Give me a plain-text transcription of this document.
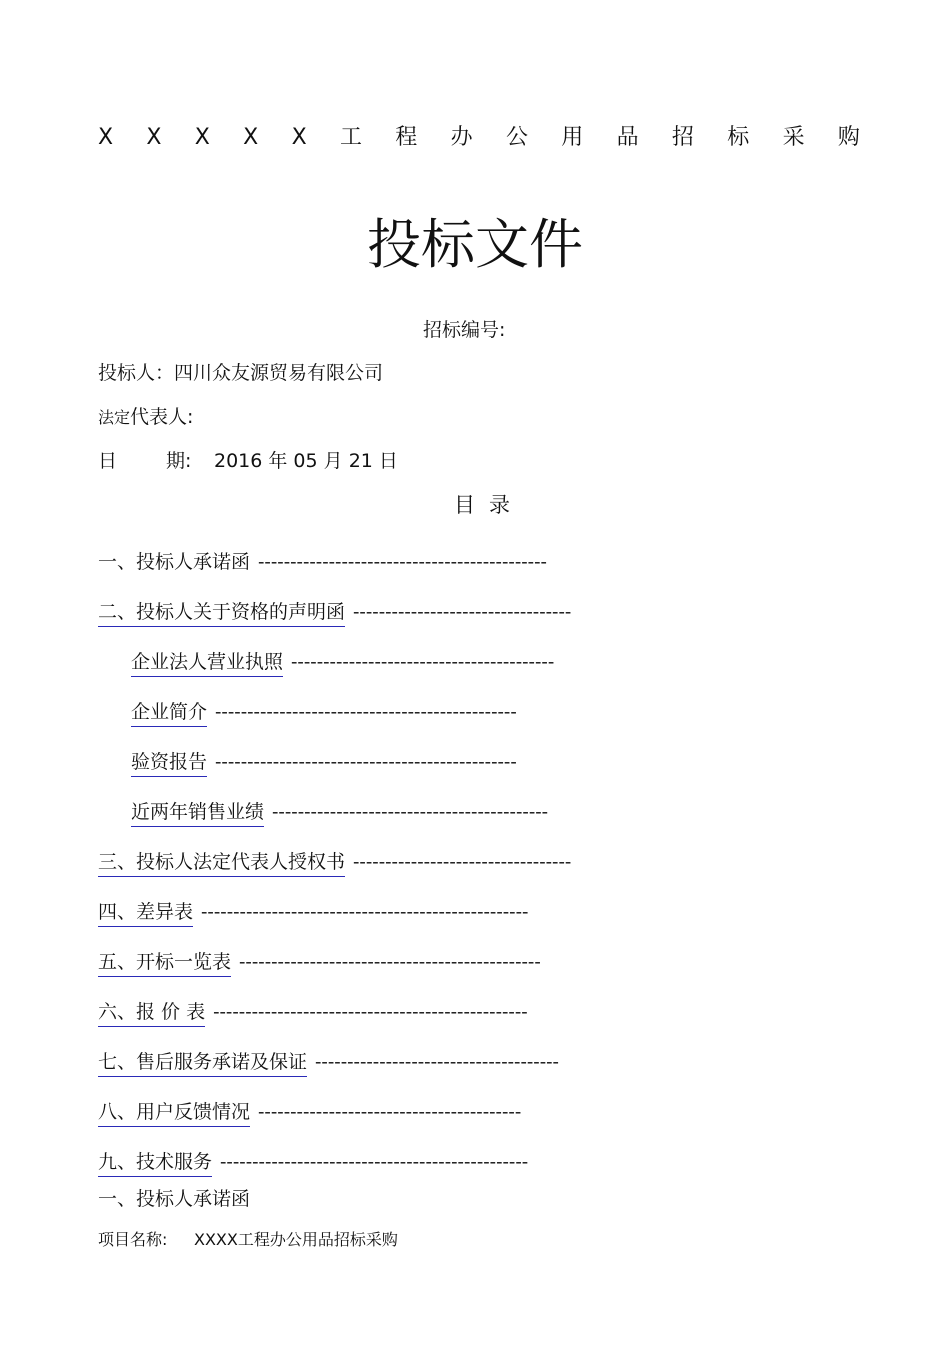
X X X X X 工 程 办 公 用 品 招 标 采 购
投标文件
招标编号:
投标人：四川众友源贸易有限公司
法定代表人:
日	期: 2016 年 05 月 21 日
目录
一、投标人承诺函 ---------------------------------------------
二、投标人关于资格的声明函 ----------------------------------
企业法人营业执照 -----------------------------------------
企业简介 -----------------------------------------------
验资报告 -----------------------------------------------
近两年销售业绩 -------------------------------------------
三、投标人法定代表人授权书 ----------------------------------
四、差异表 ---------------------------------------------------
五、开标一览表 -----------------------------------------------
六、报 价 表 -------------------------------------------------
七、售后服务承诺及保证 --------------------------------------
八、用户反馈情况 -----------------------------------------
九、技术服务 ------------------------------------------------
一、投标人承诺函
项目名称: XXXX工程办公用品招标采购
